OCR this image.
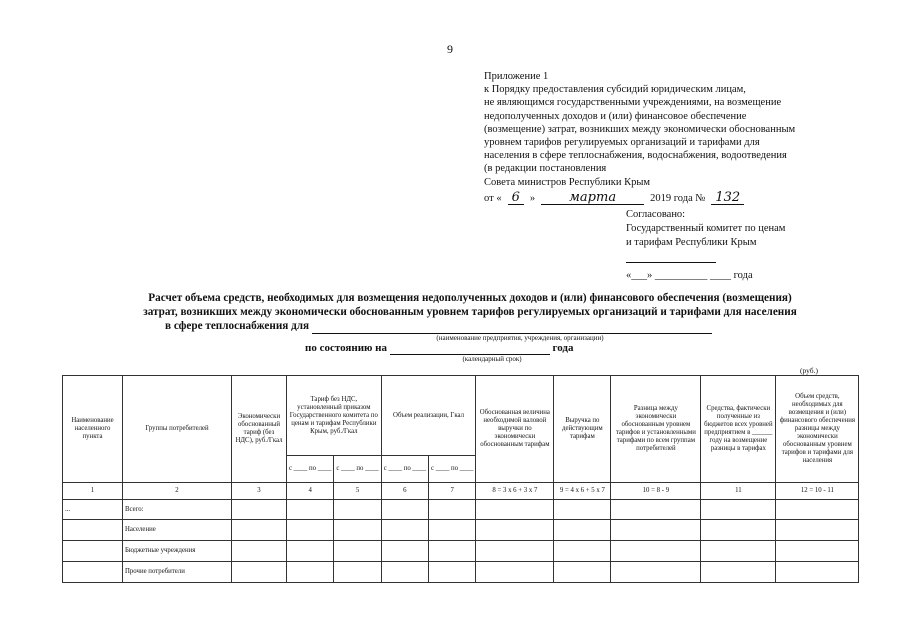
9
Приложение 1
к Порядку предоставления субсидий юридическим лицам,
не являющимся государственными учреждениями, на возмещение
недополученных доходов и (или) финансовое обеспечение
(возмещение) затрат, возникших между экономически обоснованным
уровнем тарифов регулируемых организаций и тарифами для
населения в сфере теплоснабжения, водоснабжения, водоотведения
(в редакции постановления
Совета министров Республики Крым
от « 6 »	марта	2019 года № 132
Согласовано:
Государственный комитет по ценам
и тарифам Республики Крым
«___» __________ ____ года
Расчет объема средств, необходимых для возмещения недополученных доходов и (или) финансового обеспечения (возмещения)
затрат, возникших между экономически обоснованным уровнем тарифов регулируемых организаций и тарифами для населения
в сфере теплоснабжения для
(наименование предприятия, учреждения, организации)
по состоянию на	года
(календарный срок)
(руб.)
Наименование населенного пункта	Группы потребителей	Экономически обоснованный тариф (без НДС), руб./Гкал	Тариф без НДС, установленный приказом Государственного комитета по ценам и тарифам Республики Крым, руб./Гкал		Объем реализации, Гкал		Обоснованная величина необходимой валовой выручки по экономически обоснованным тарифам	Выручка по действующим тарифам	Разница между экономически обоснованным уровнем тарифов и установленными тарифами по всем группам потребителей	Средства, фактически полученные из бюджетов всех уровней предприятием в ______ году на возмещение разницы в тарифах	Объем средств, необходимых для возмещения и (или) финансового обеспечения разницы между экономически обоснованным уровнем тарифов и тарифами для населения
			с ____ по ____	с ____ по ____	с ____ по ____	с ____ по ____					
1	2	3	4	5	6	7	8 = 3 х 6 + 3 х 7	9 = 4 х 6 + 5 х 7	10 = 8 - 9	11	12 = 10 - 11
...	Всего:										
	Население										
	Бюджетные учреждения										
	Прочие потребители										
